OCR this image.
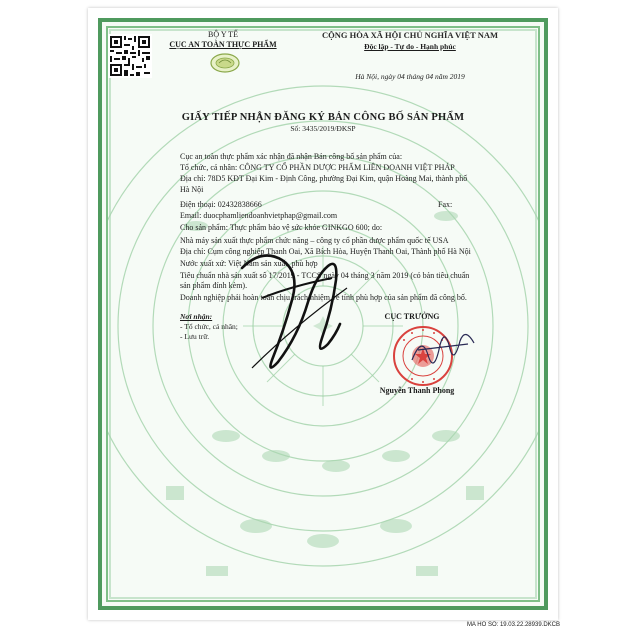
BỘ Y TẾ
CỤC AN TOÀN THỰC PHẨM
CỘNG HÒA XÃ HỘI CHỦ NGHĨA VIỆT NAM
Độc lập - Tự do - Hạnh phúc
Hà Nội, ngày 04 tháng 04 năm 2019
GIẤY TIẾP NHẬN ĐĂNG KÝ BẢN CÔNG BỐ SẢN PHẨM
Số: 3435/2019/ĐKSP
Cục an toàn thực phẩm xác nhận đã nhận Bản công bố sản phẩm của:
Tổ chức, cá nhân: CÔNG TY CỔ PHẦN DƯỢC PHẨM LIÊN DOANH VIỆT PHÁP
Địa chỉ: 78D5 KĐT Đại Kim - Định Công, phường Đại Kim, quận Hoàng Mai, thành phố
Hà Nội
Điện thoại: 02432838666	Fax:
Email: duocphamliendoanhvietphap@gmail.com
Cho sản phẩm: Thực phẩm bảo vệ sức khỏe GINKGO 600; do:
Nhà máy sản xuất thực phẩm chức năng – công ty cổ phần dược phẩm quốc tế USA
Địa chỉ: Cụm công nghiệp Thanh Oai, Xã Bích Hòa, Huyện Thanh Oai, Thành phố Hà Nội
Nước xuất xứ: Việt Nam sản xuất, phù hợp
Tiêu chuẩn nhà sản xuất số 17/2019 - TCCS ngày 04 tháng 3 năm 2019 (có bản tiêu chuẩn
sản phẩm đính kèm).
Doanh nghiệp phải hoàn toàn chịu trách nhiệm về tính phù hợp của sản phẩm đã công bố.
Nơi nhận:
- Tổ chức, cá nhân;
- Lưu trữ.
CỤC TRƯỞNG
Nguyễn Thanh Phong
MA HO SO: 19.03.22.28939.DKCB
